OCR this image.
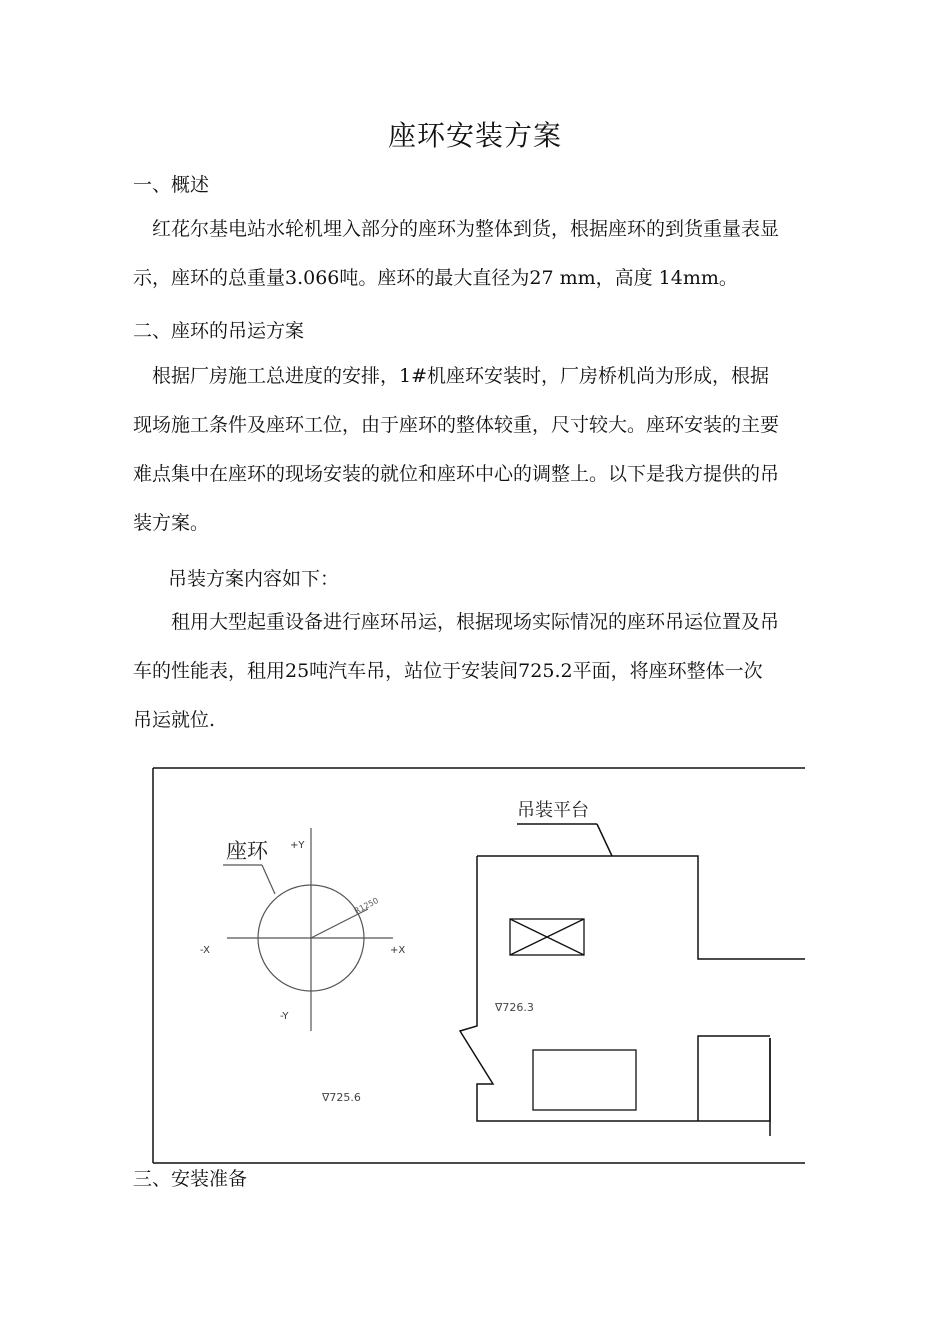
座环安装方案
一、概述
红花尔基电站水轮机埋入部分的座环为整体到货，根据座环的到货重量表显
示，座环的总重量3.066吨。座环的最大直径为27 mm，高度 14mm。
二、座环的吊运方案
根据厂房施工总进度的安排，1#机座环安装时，厂房桥机尚为形成，根据
现场施工条件及座环工位，由于座环的整体较重，尺寸较大。座环安装的主要
难点集中在座环的现场安装的就位和座环中心的调整上。以下是我方提供的吊
装方案。
吊装方案内容如下：
租用大型起重设备进行座环吊运，根据现场实际情况的座环吊运位置及吊
车的性能表，租用25吨汽车吊，站位于安装间725.2平面，将座环整体一次
吊运就位.
座环 +Y
-Y
+X
-X
R1250
吊装平台
∇726.3
∇725.6
三、安装准备
